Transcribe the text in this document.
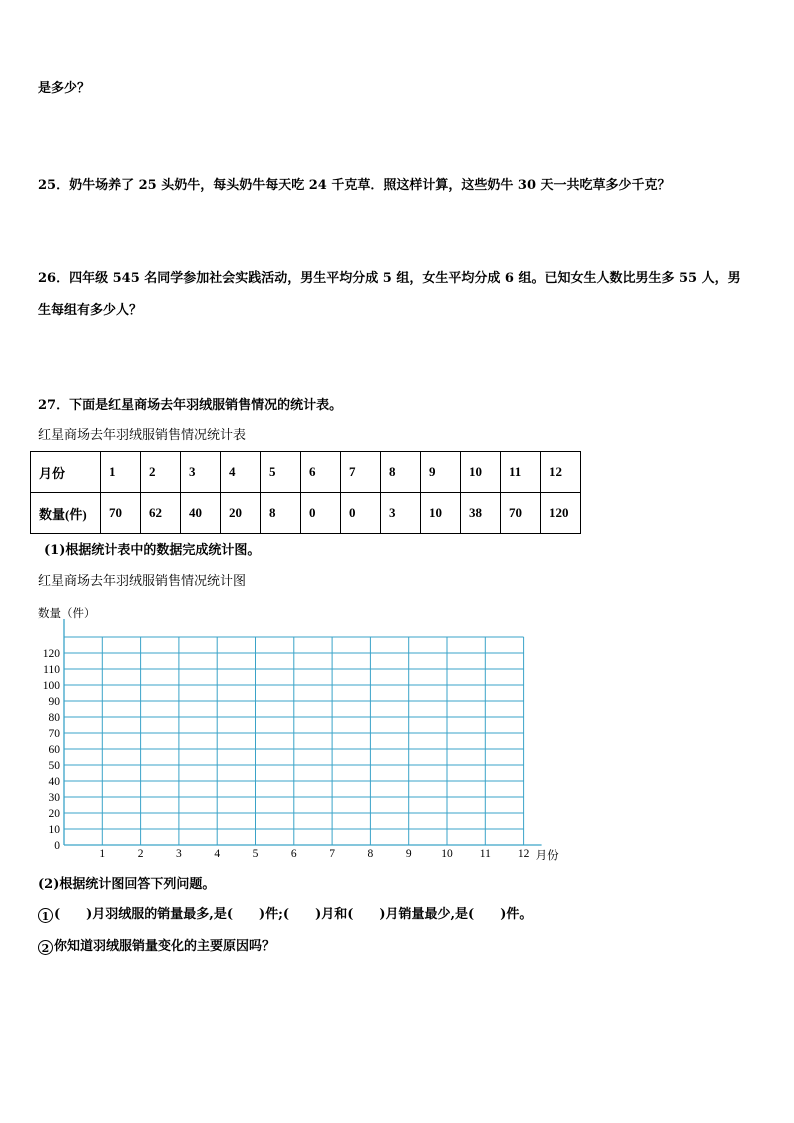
是多少？
25．奶牛场养了 25 头奶牛，每头奶牛每天吃 24 千克草．照这样计算，这些奶牛 30 天一共吃草多少千克？
26．四年级 545 名同学参加社会实践活动，男生平均分成 5 组，女生平均分成 6 组。已知女生人数比男生多 55 人，男
生每组有多少人？
27．下面是红星商场去年羽绒服销售情况的统计表。
红星商场去年羽绒服销售情况统计表
月份	1	2	3	4	5	6	7	8	9	10	11	12
数量(件)	70	62	40	20	8	0	0	3	10	38	70	120
(1)根据统计表中的数据完成统计图。
红星商场去年羽绒服销售情况统计图
0
10
20
30
40
50
60
70
80
90
100
110
120
1	2	3	4	5	6	7	8	9	10 11 12
数量（件）
月份
(2)根据统计图回答下列问题。
1 (　　)月羽绒服的销量最多,是(　　)件;(　　)月和(　　)月销量最少,是(　　)件。
2 你知道羽绒服销量变化的主要原因吗？
